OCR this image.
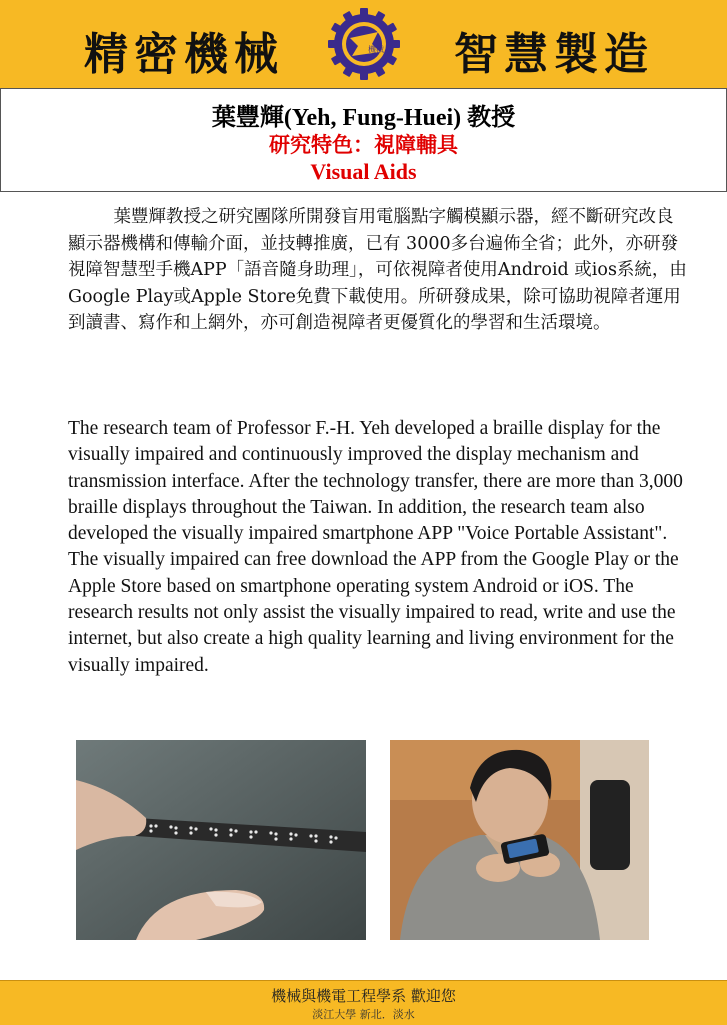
精密機械	機械 智慧製造
葉豐輝(Yeh, Fung-Huei) 教授
研究特色：視障輔具
Visual Aids

葉豐輝教授之研究團隊所開發盲用電腦點字觸模顯示器，經不斷研究改良顯示器機構和傳輸介面，並技轉推廣，已有 3000多台遍佈全省；此外，亦研發視障智慧型手機APP「語音隨身助理」，可依視障者使用Android 或ios系統，由Google Play或Apple Store免費下載使用。所研發成果，除可協助視障者運用到讀書、寫作和上網外，亦可創造視障者更優質化的學習和生活環境。

The research team of Professor F.-H. Yeh developed a braille display for the visually impaired and continuously improved the display mechanism and transmission interface. After the technology transfer, there are more than 3,000 braille displays throughout the Taiwan. In addition, the research team also developed the visually impaired smartphone APP "Voice Portable Assistant". The visually impaired can free download the APP from the Google Play or the Apple Store based on smartphone operating system Android or iOS. The research results not only assist the visually impaired to read, write and use the internet, but also create a high quality learning and living environment for the visually impaired.

機械與機電工程學系 歡迎您
淡江大學 新北．淡水
